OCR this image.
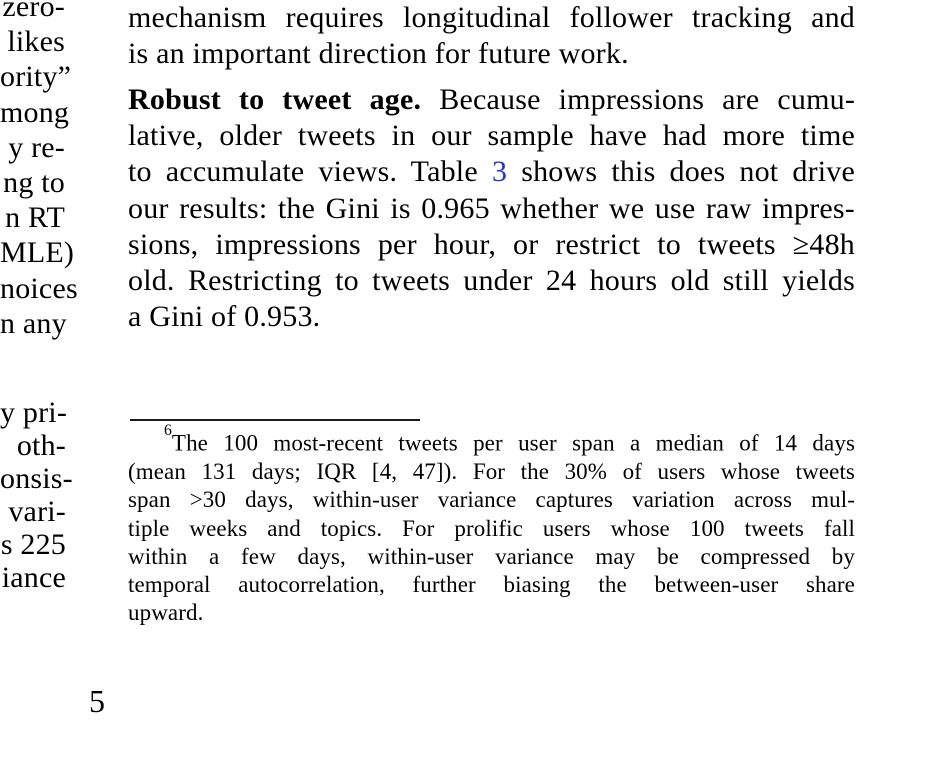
zero-
likes
ority”
mong
y re-
ng to
n RT
MLE)
noices
n any
y pri-
oth-
onsis-
vari-
s 225
iance
mechanism requires longitudinal follower tracking and
is an important direction for future work.
Robust to tweet age. Because impressions are cumu-
lative, older tweets in our sample have had more time
to accumulate views. Table 3 shows this does not drive
our results: the Gini is 0.965 whether we use raw impres-
sions, impressions per hour, or restrict to tweets ≥48h
old. Restricting to tweets under 24 hours old still yields
a Gini of 0.953.
$^6$The 100 most-recent tweets per user span a median of 14 days
(mean 131 days; IQR [4, 47]). For the 30% of users whose tweets
span >30 days, within-user variance captures variation across mul-
tiple weeks and topics. For prolific users whose 100 tweets fall
within a few days, within-user variance may be compressed by
temporal autocorrelation, further biasing the between-user share
upward.
5
